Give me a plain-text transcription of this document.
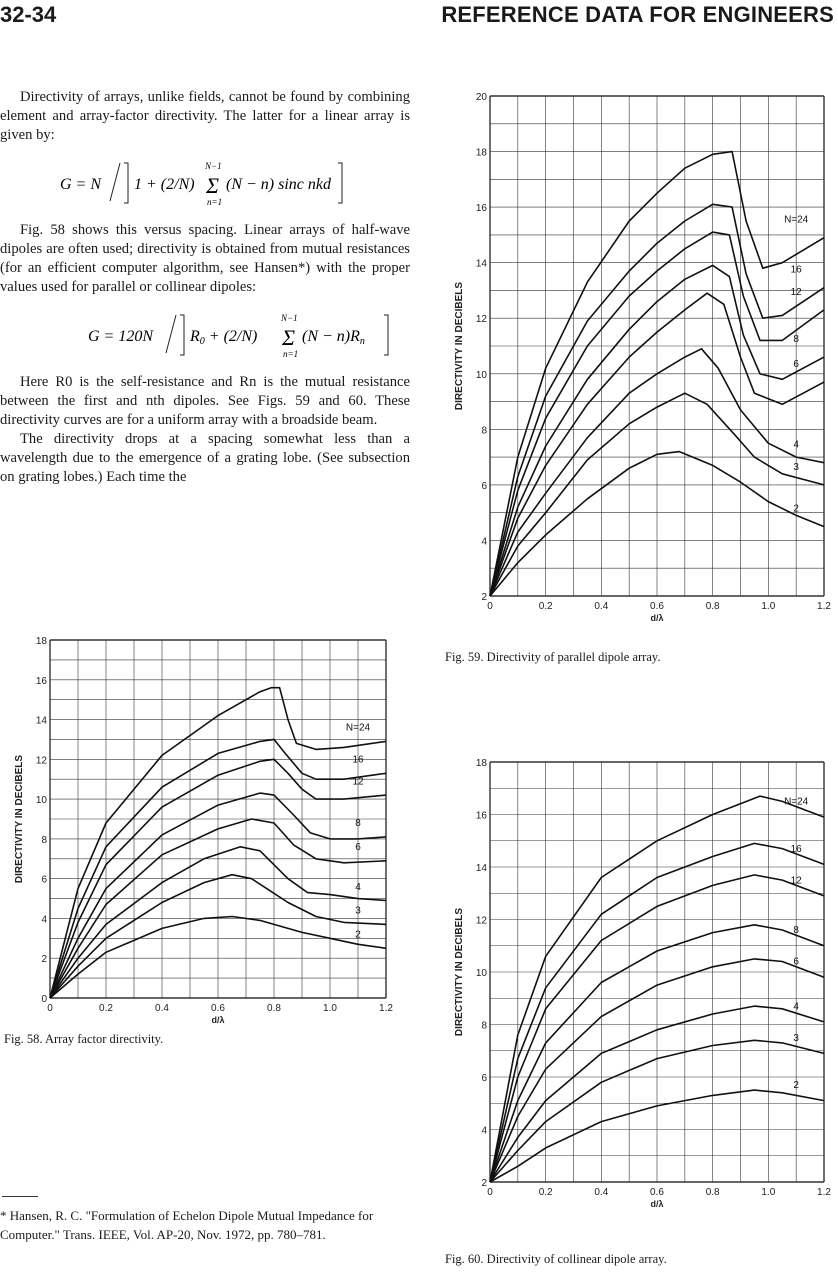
32-34	REFERENCE DATA FOR ENGINEERS

Directivity of arrays, unlike fields, cannot be found by combining element and array-factor directivity. The latter for a linear array is given by:

G = N 1 + (2/N) Σ
N−1
n=1
(N − n) sinc nkd

Fig. 58 shows this versus spacing. Linear arrays of half-wave dipoles are often used; directivity is obtained from mutual resistances (for an efficient computer algorithm, see Hansen*) with the proper values used for parallel or collinear dipoles:

G = 120N R0 + (2/N) Σ
N−1
n=1
(N − n)Rn

Here R0 is the self-resistance and Rn is the mutual resistance between the first and nth dipoles. See Figs. 59 and 60. These directivity curves are for a uniform array with a broadside beam.

The directivity drops at a spacing somewhat less than a wavelength due to the emergence of a grating lobe. (See subsection on grating lobes.) Each time the

0	0.2	0.4	0.6	0.8	1.0	1.2
0
2
4
6
8
10
12
14
16
18
d/λ
DIRECTIVITY IN DECIBELS
2
3
4
6
8
12
16
N=24
Fig. 58. Array factor directivity.
0	0.2	0.4	0.6	0.8	1.0	1.2
2
4
6
8
10
12
14
16
18
20
d/λ
DIRECTIVITY IN DECIBELS
2
3
4
6
8
12
16
N=24
Fig. 59. Directivity of parallel dipole array.
0	0.2	0.4	0.6	0.8	1.0	1.2
2
4
6
8
10
12
14
16
18
d/λ
DIRECTIVITY IN DECIBELS
2
3
4
6
8
12
16
N=24
Fig. 60. Directivity of collinear dipole array.
* Hansen, R. C. "Formulation of Echelon Dipole Mutual Impedance for Computer." Trans. IEEE, Vol. AP-20, Nov. 1972, pp. 780–781.
